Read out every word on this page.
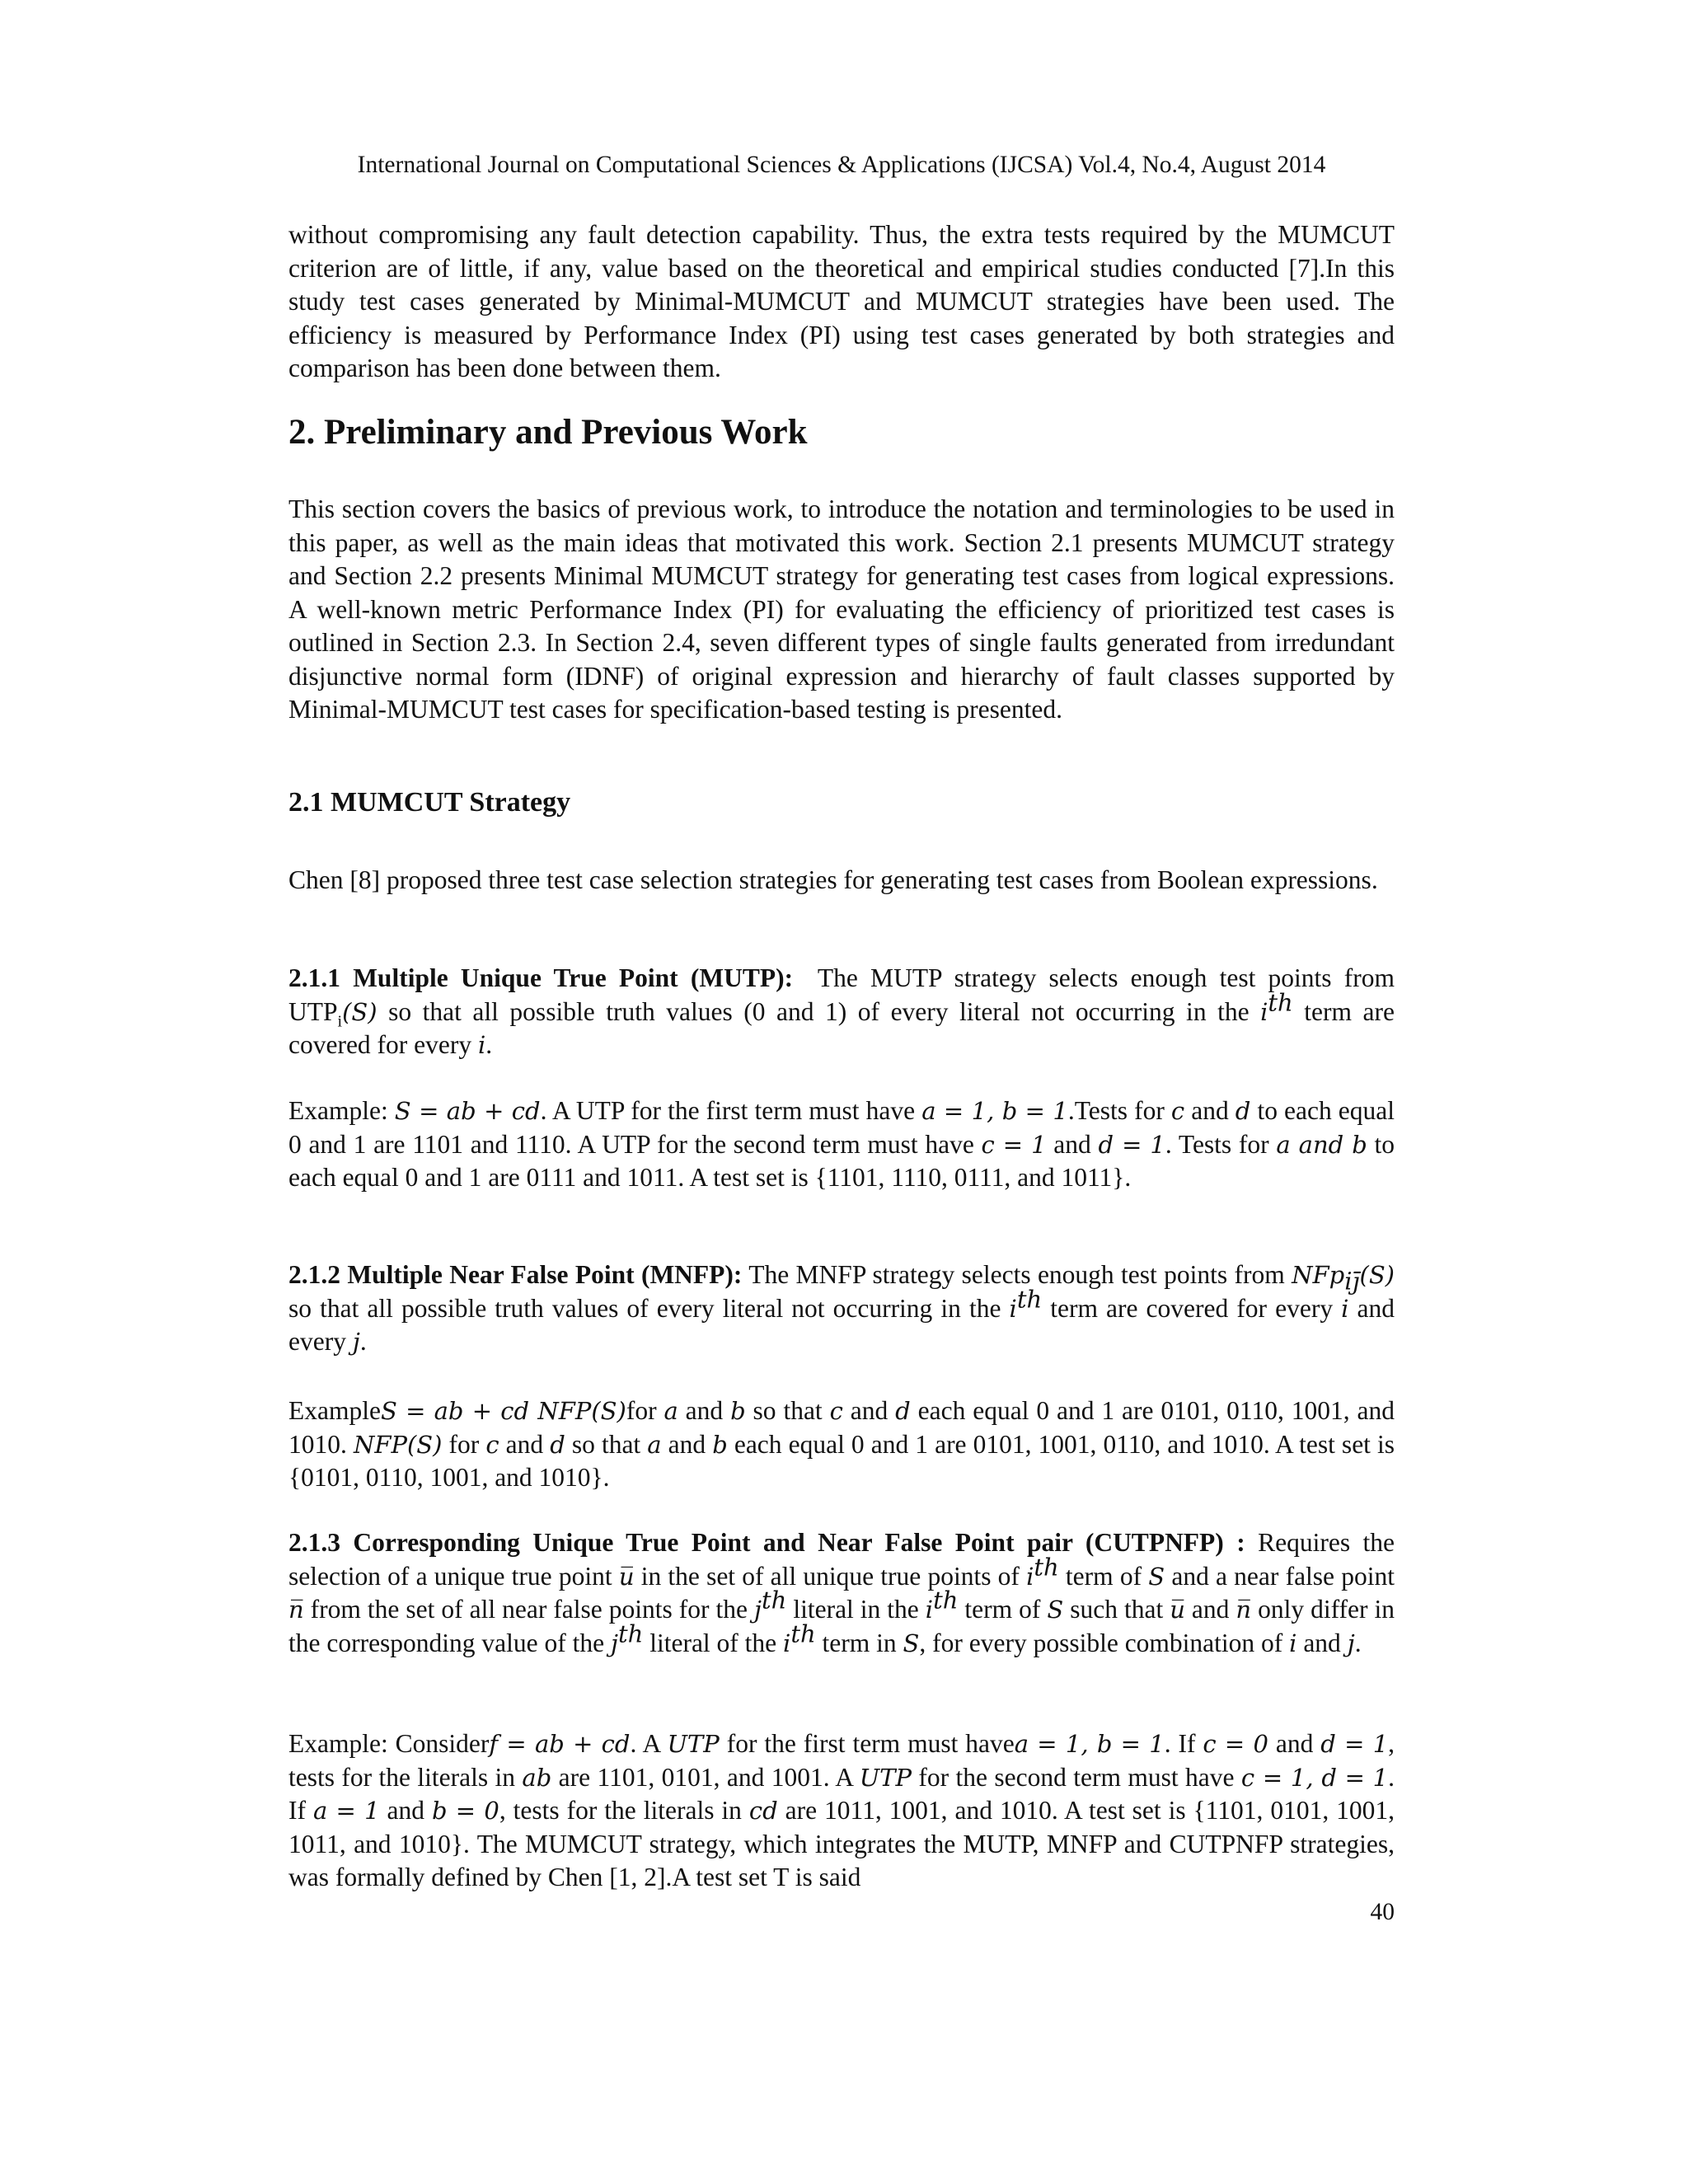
International Journal on Computational Sciences & Applications (IJCSA) Vol.4, No.4, August 2014

without compromising any fault detection capability. Thus, the extra tests required by the MUMCUT criterion are of little, if any, value based on the theoretical and empirical studies conducted [7].In this study test cases generated by Minimal-MUMCUT and MUMCUT strategies have been used. The efficiency is measured by Performance Index (PI) using test cases generated by both strategies and comparison has been done between them.

2. Preliminary and Previous Work

This section covers the basics of previous work, to introduce the notation and terminologies to be used in this paper, as well as the main ideas that motivated this work. Section 2.1 presents MUMCUT strategy and Section 2.2 presents Minimal MUMCUT strategy for generating test cases from logical expressions. A well-known metric Performance Index (PI) for evaluating the efficiency of prioritized test cases is outlined in Section 2.3. In Section 2.4, seven different types of single faults generated from irredundant disjunctive normal form (IDNF) of original expression and hierarchy of fault classes supported by Minimal-MUMCUT test cases for specification-based testing is presented.

2.1 MUMCUT Strategy

Chen [8] proposed three test case selection strategies for generating test cases from Boolean expressions.

2.1.1 Multiple Unique True Point (MUTP): The MUTP strategy selects enough test points from $UTP_i(S)$ so that all possible truth values (0 and 1) of every literal not occurring in the $i^{th}$ term are covered for every i.

Example: S = ab + cd. A UTP for the first term must have a = 1, b = 1.Tests for c and d to each equal 0 and 1 are 1101 and 1110. A UTP for the second term must have c = 1 and d = 1. Tests for a and b to each equal 0 and 1 are 0111 and 1011. A test set is {1101, 1110, 0111, and 1011}.

2.1.2 Multiple Near False Point (MNFP): The MNFP strategy selects enough test points from NFp$_{ij̄}$(S) so that all possible truth values of every literal not occurring in the $i^{th}$ term are covered for every i and every j.

ExampleS = ab + cd NFP(S)for a and b so that c and d each equal 0 and 1 are 0101, 0110, 1001, and 1010. NFP(S) for c and d so that a and b each equal 0 and 1 are 0101, 1001, 0110, and 1010. A test set is {0101, 0110, 1001, and 1010}.

2.1.3 Corresponding Unique True Point and Near False Point pair (CUTPNFP) : Requires the selection of a unique true point u̅ in the set of all unique true points of $i^{th}$ term of S and a near false point n̅ from the set of all near false points for the $j^{th}$ literal in the $i^{th}$ term of S such that u̅ and n̅ only differ in the corresponding value of the $j^{th}$ literal of the $i^{th}$ term in S, for every possible combination of i and j.

Example: Considerf = ab + cd. A UTP for the first term must havea = 1, b = 1. If c = 0 and d = 1, tests for the literals in ab are 1101, 0101, and 1001. A UTP for the second term must have c = 1, d = 1. If a = 1 and b = 0, tests for the literals in cd are 1011, 1001, and 1010. A test set is {1101, 0101, 1001, 1011, and 1010}. The MUMCUT strategy, which integrates the MUTP, MNFP and CUTPNFP strategies, was formally defined by Chen [1, 2].A test set T is said

40
